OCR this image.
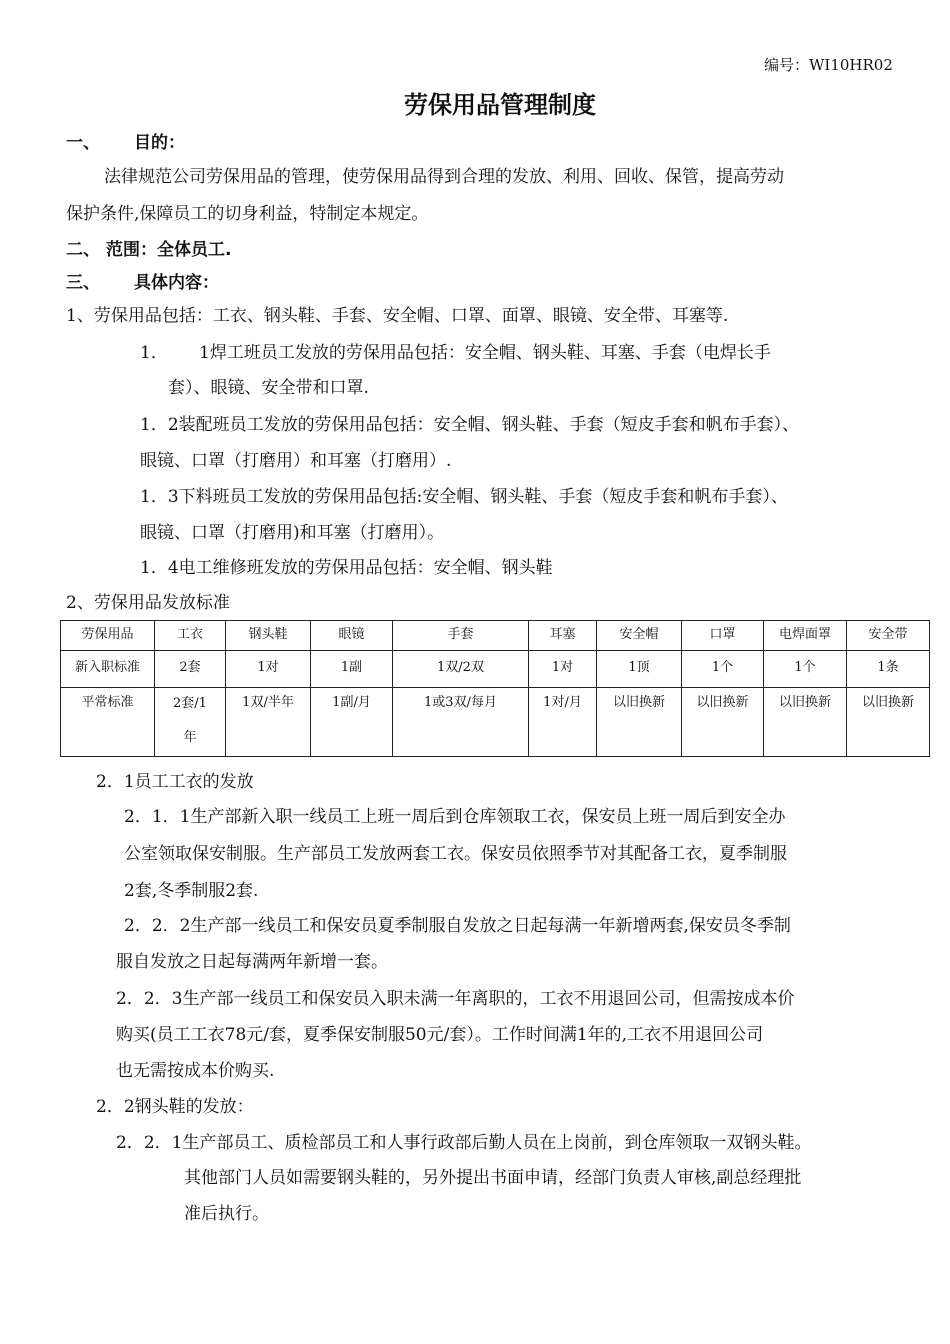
编号：WI10HR02
劳保用品管理制度
一、 目的：
法律规范公司劳保用品的管理，使劳保用品得到合理的发放、利用、回收、保管，提高劳动
保护条件,保障员工的切身利益，特制定本规定。
二、 范围：全体员工.
三、 具体内容：
1、劳保用品包括：工衣、钢头鞋、手套、安全帽、口罩、面罩、眼镜、安全带、耳塞等.
1． 1焊工班员工发放的劳保用品包括：安全帽、钢头鞋、耳塞、手套（电焊长手
套）、眼镜、安全带和口罩.
1．2装配班员工发放的劳保用品包括：安全帽、钢头鞋、手套（短皮手套和帆布手套）、
眼镜、口罩（打磨用）和耳塞（打磨用）.
1．3下料班员工发放的劳保用品包括:安全帽、钢头鞋、手套（短皮手套和帆布手套）、
眼镜、口罩（打磨用)和耳塞（打磨用）。
1．4电工维修班发放的劳保用品包括：安全帽、钢头鞋
2、劳保用品发放标准
劳保用品	工衣	钢头鞋	眼镜	手套	耳塞	安全帽	口罩	电焊面罩	安全带
新入职标准	2套	1对	1副	1双/2双	1对	1顶	1个	1个	1条
平常标准	2套/1年	1双/半年	1副/月	1或3双/每月	1对/月	以旧换新	以旧换新	以旧换新	以旧换新
2．1员工工衣的发放
2．1．1生产部新入职一线员工上班一周后到仓库领取工衣，保安员上班一周后到安全办
公室领取保安制服。生产部员工发放两套工衣。保安员依照季节对其配备工衣，夏季制服
2套,冬季制服2套.
2．2．2生产部一线员工和保安员夏季制服自发放之日起每满一年新增两套,保安员冬季制
服自发放之日起每满两年新增一套。
2．2．3生产部一线员工和保安员入职未满一年离职的，工衣不用退回公司，但需按成本价
购买(员工工衣78元/套，夏季保安制服50元/套）。工作时间满1年的,工衣不用退回公司
也无需按成本价购买.
2．2钢头鞋的发放：
2．2．1生产部员工、质检部员工和人事行政部后勤人员在上岗前，到仓库领取一双钢头鞋。
其他部门人员如需要钢头鞋的，另外提出书面申请，经部门负责人审核,副总经理批
准后执行。
